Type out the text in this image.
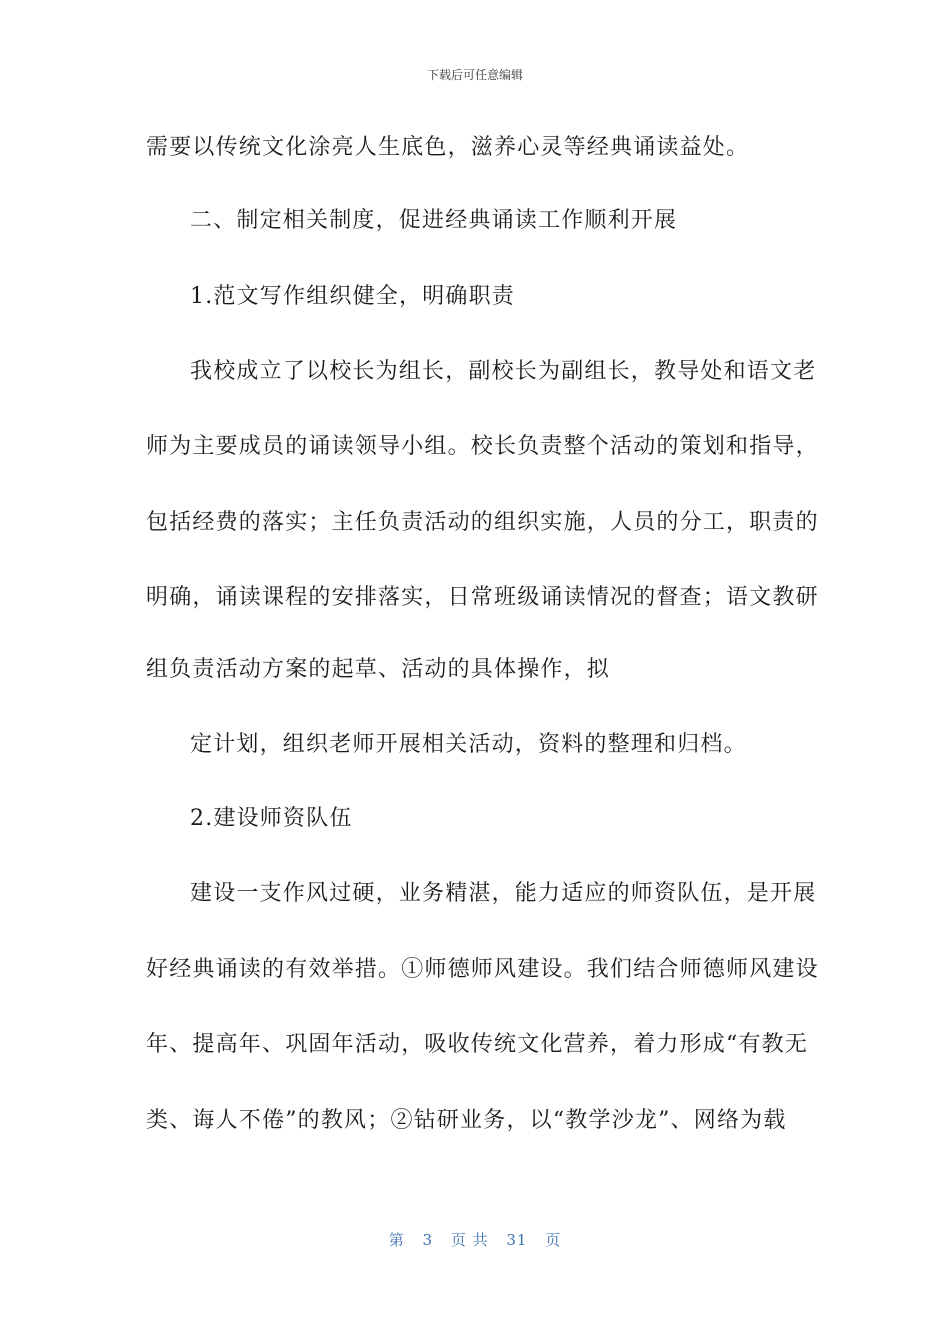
下载后可任意编辑
需要以传统文化涂亮人生底色，滋养心灵等经典诵读益处。
二、制定相关制度，促进经典诵读工作顺利开展
1.范文写作组织健全，明确职责
我校成立了以校长为组长，副校长为副组长，教导处和语文老
师为主要成员的诵读领导小组。校长负责整个活动的策划和指导，
包括经费的落实；主任负责活动的组织实施，人员的分工，职责的
明确，诵读课程的安排落实，日常班级诵读情况的督查；语文教研
组负责活动方案的起草、活动的具体操作，拟
定计划，组织老师开展相关活动，资料的整理和归档。
2.建设师资队伍
建设一支作风过硬，业务精湛，能力适应的师资队伍，是开展
好经典诵读的有效举措。①师德师风建设。我们结合师德师风建设
年、提高年、巩固年活动，吸收传统文化营养，着力形成“有教无
类、诲人不倦”的教风；②钻研业务，以“教学沙龙”、网络为载
第 3 页 共 31 页
